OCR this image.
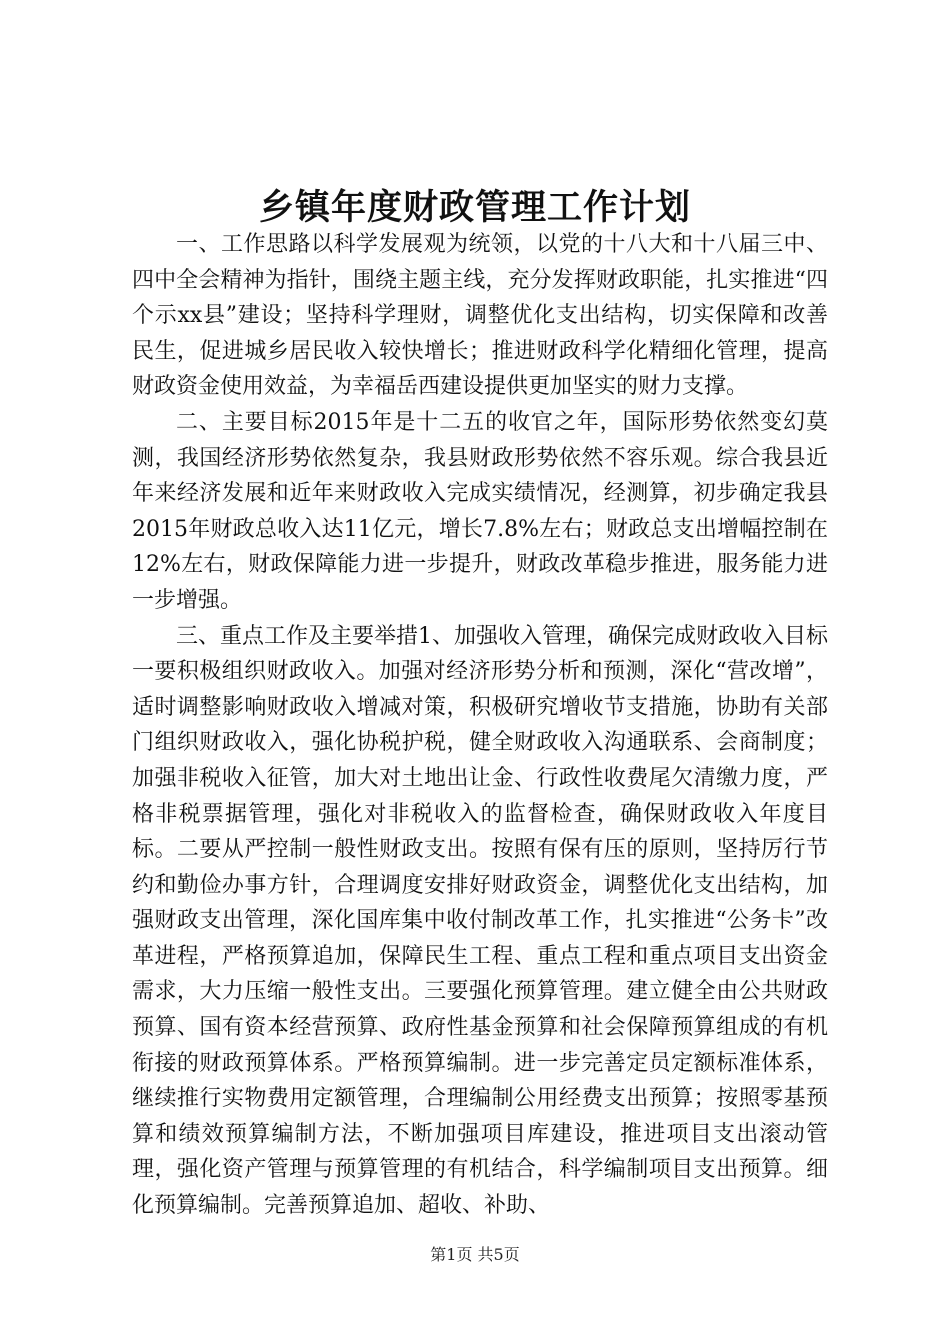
乡镇年度财政管理工作计划

一、工作思路以科学发展观为统领，以党的十八大和十八届三中、四中全会精神为指针，围绕主题主线，充分发挥财政职能，扎实推进“四个示xx县”建设；坚持科学理财，调整优化支出结构，切实保障和改善民生，促进城乡居民收入较快增长；推进财政科学化精细化管理，提高财政资金使用效益，为幸福岳西建设提供更加坚实的财力支撑。

二、主要目标2015年是十二五的收官之年，国际形势依然变幻莫测，我国经济形势依然复杂，我县财政形势依然不容乐观。综合我县近年来经济发展和近年来财政收入完成实绩情况，经测算，初步确定我县2015年财政总收入达11亿元，增长7.8%左右；财政总支出增幅控制在12%左右，财政保障能力进一步提升，财政改革稳步推进，服务能力进一步增强。

三、重点工作及主要举措1、加强收入管理，确保完成财政收入目标一要积极组织财政收入。加强对经济形势分析和预测，深化“营改增”，适时调整影响财政收入增减对策，积极研究增收节支措施，协助有关部门组织财政收入，强化协税护税，健全财政收入沟通联系、会商制度；加强非税收入征管，加大对土地出让金、行政性收费尾欠清缴力度，严格非税票据管理，强化对非税收入的监督检查，确保财政收入年度目标。二要从严控制一般性财政支出。按照有保有压的原则，坚持厉行节约和勤俭办事方针，合理调度安排好财政资金，调整优化支出结构，加强财政支出管理，深化国库集中收付制改革工作，扎实推进“公务卡”改革进程，严格预算追加，保障民生工程、重点工程和重点项目支出资金需求，大力压缩一般性支出。三要强化预算管理。建立健全由公共财政预算、国有资本经营预算、政府性基金预算和社会保障预算组成的有机衔接的财政预算体系。严格预算编制。进一步完善定员定额标准体系，继续推行实物费用定额管理，合理编制公用经费支出预算；按照零基预算和绩效预算编制方法，不断加强项目库建设，推进项目支出滚动管理，强化资产管理与预算管理的有机结合，科学编制项目支出预算。细化预算编制。完善预算追加、超收、补助、

第1页 共5页
